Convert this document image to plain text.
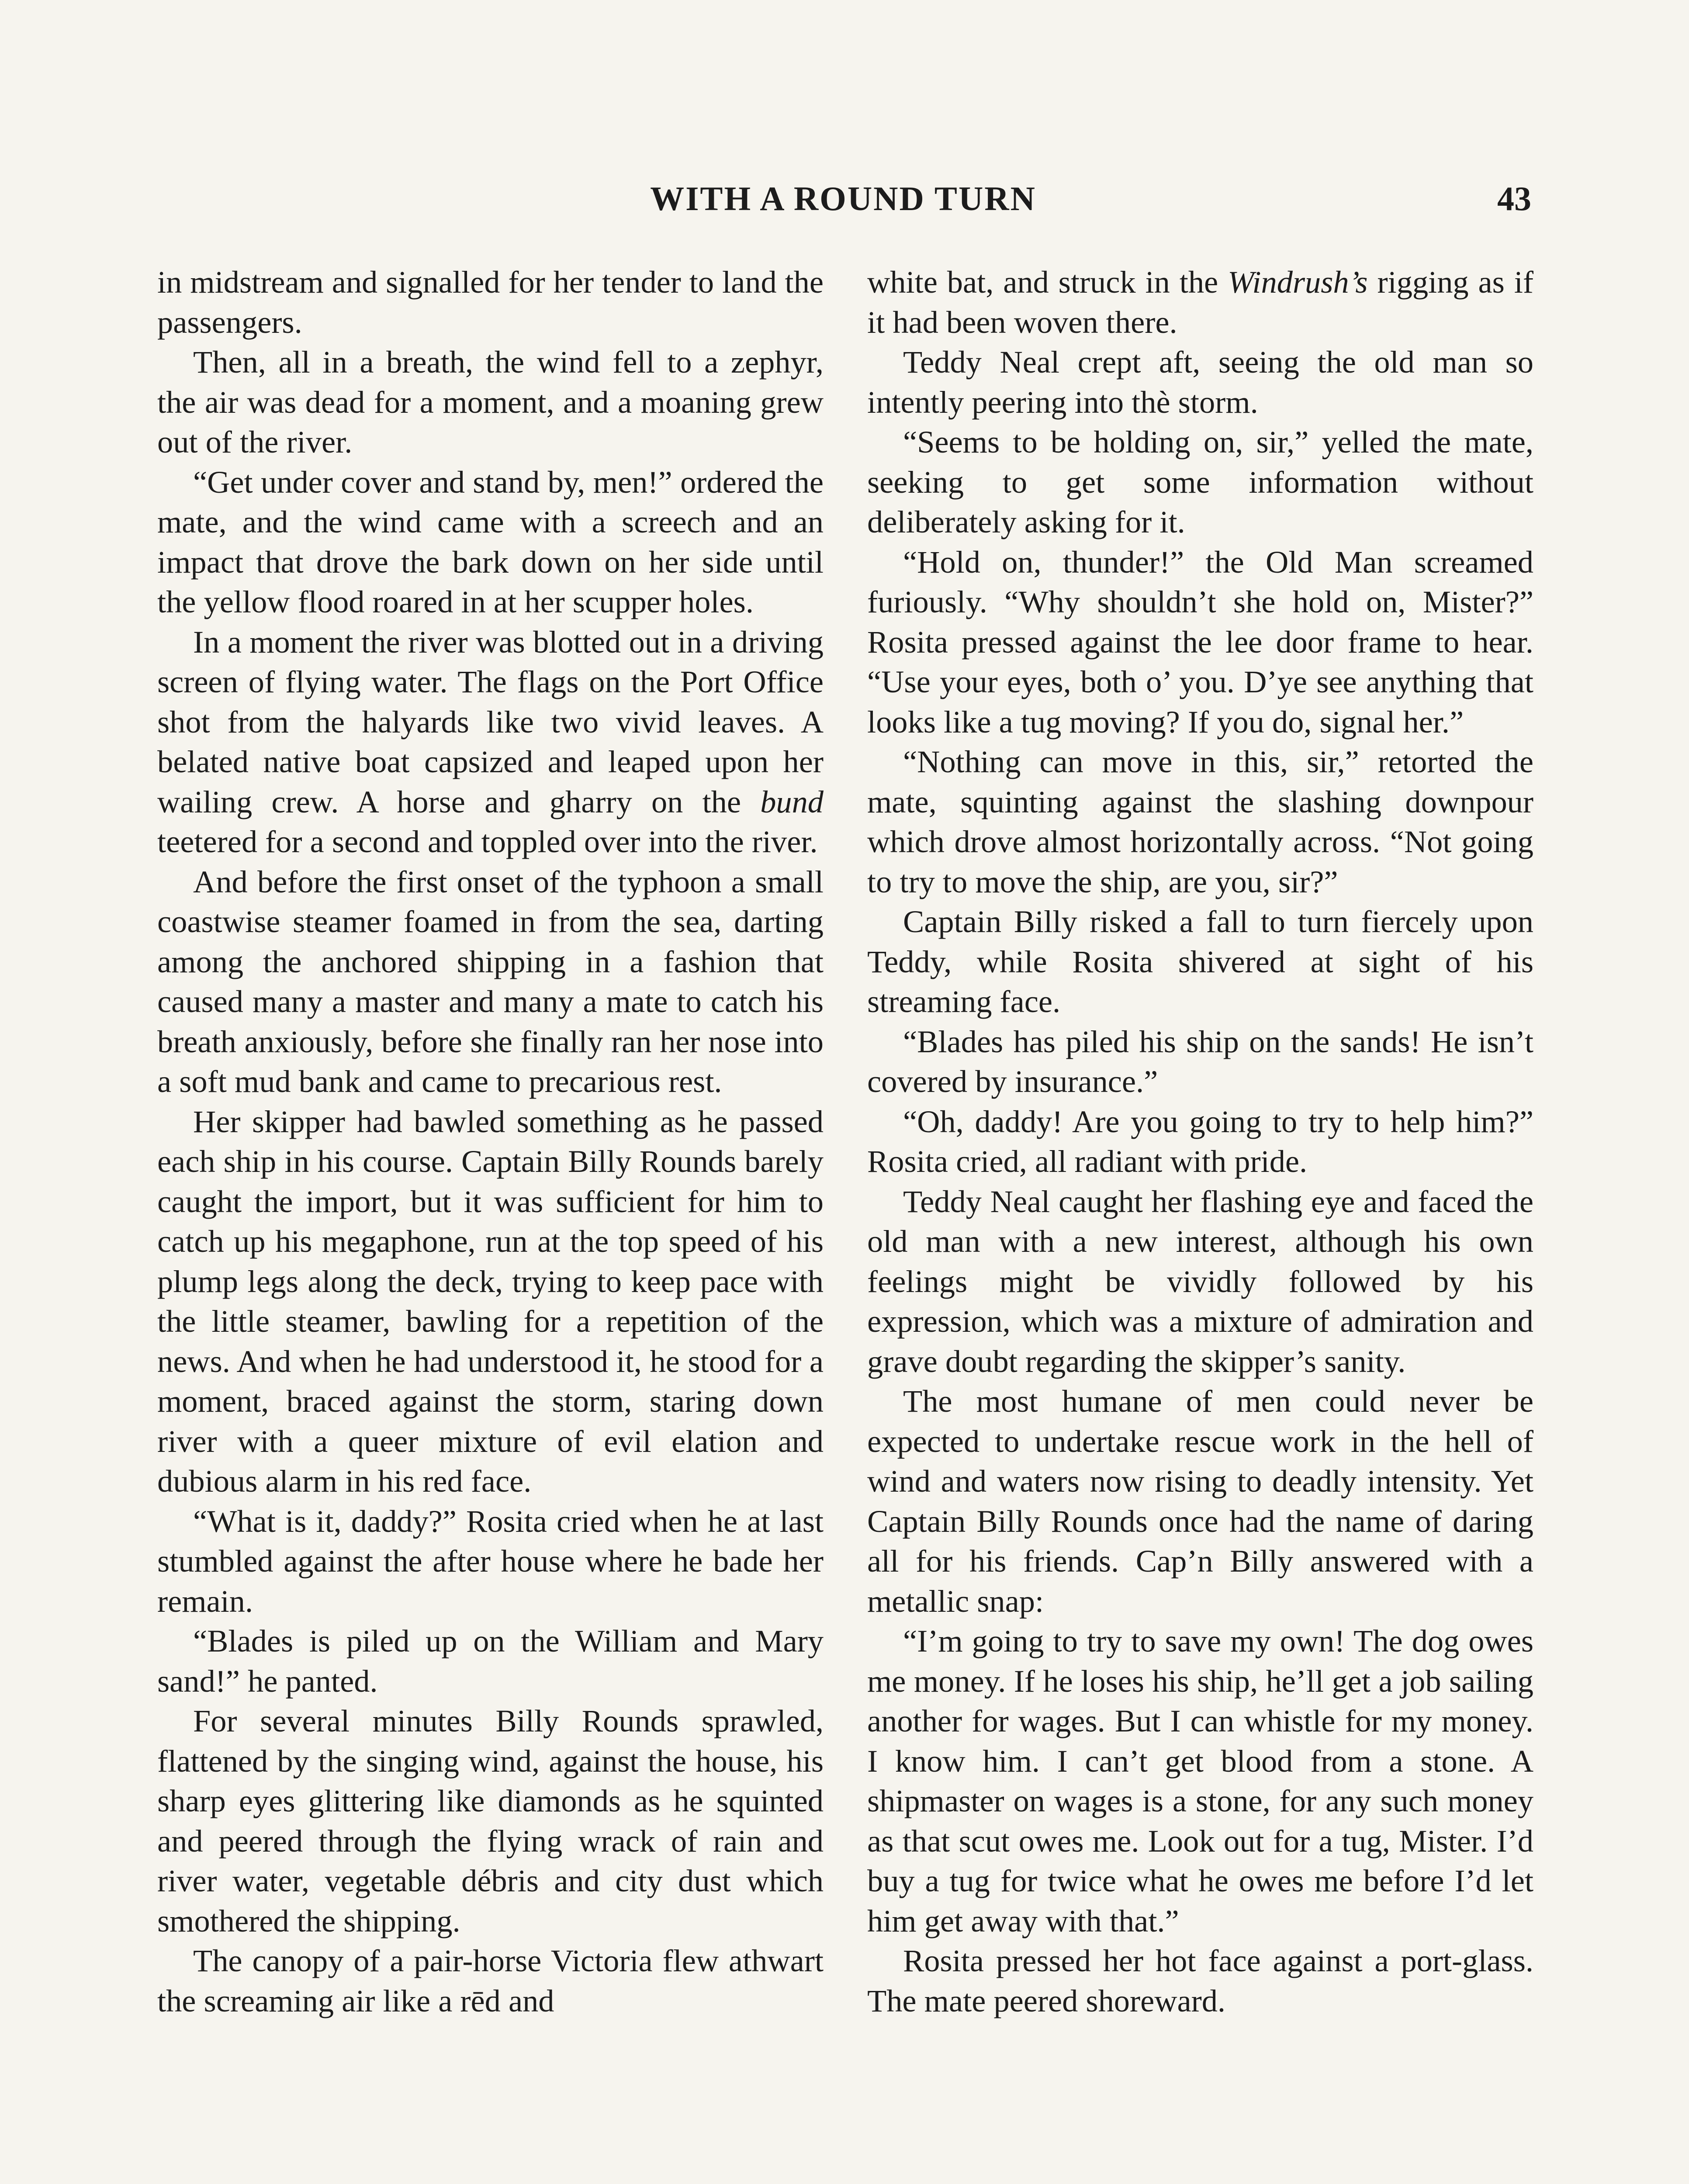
WITH A ROUND TURN	43

in midstream and signalled for her tender to land the passengers.

Then, all in a breath, the wind fell to a zephyr, the air was dead for a moment, and a moaning grew out of the river.

“Get under cover and stand by, men!” ordered the mate, and the wind came with a screech and an impact that drove the bark down on her side until the yellow flood roared in at her scupper holes.

In a moment the river was blotted out in a driving screen of flying water. The flags on the Port Office shot from the halyards like two vivid leaves. A belated native boat capsized and leaped upon her wailing crew. A horse and gharry on the bund teetered for a second and toppled over into the river.

And before the first onset of the typhoon a small coastwise steamer foamed in from the sea, darting among the anchored shipping in a fashion that caused many a master and many a mate to catch his breath anxiously, before she finally ran her nose into a soft mud bank and came to precarious rest.

Her skipper had bawled something as he passed each ship in his course. Captain Billy Rounds barely caught the import, but it was sufficient for him to catch up his megaphone, run at the top speed of his plump legs along the deck, trying to keep pace with the little steamer, bawling for a repetition of the news. And when he had understood it, he stood for a moment, braced against the storm, staring down river with a queer mixture of evil elation and dubious alarm in his red face.

“What is it, daddy?” Rosita cried when he at last stumbled against the after house where he bade her remain.

“Blades is piled up on the William and Mary sand!” he panted.

For several minutes Billy Rounds sprawled, flattened by the singing wind, against the house, his sharp eyes glittering like diamonds as he squinted and peered through the flying wrack of rain and river water, vegetable débris and city dust which smothered the shipping.

The canopy of a pair-horse Victoria flew athwart the screaming air like a rēd and

white bat, and struck in the Windrush’s rigging as if it had been woven there.

Teddy Neal crept aft, seeing the old man so intently peering into thè storm.

“Seems to be holding on, sir,” yelled the mate, seeking to get some information without deliberately asking for it.

“Hold on, thunder!” the Old Man screamed furiously. “Why shouldn’t she hold on, Mister?” Rosita pressed against the lee door frame to hear. “Use your eyes, both o’ you. D’ye see anything that looks like a tug moving? If you do, signal her.”

“Nothing can move in this, sir,” retorted the mate, squinting against the slashing downpour which drove almost horizontally across. “Not going to try to move the ship, are you, sir?”

Captain Billy risked a fall to turn fiercely upon Teddy, while Rosita shivered at sight of his streaming face.

“Blades has piled his ship on the sands! He isn’t covered by insurance.”

“Oh, daddy! Are you going to try to help him?” Rosita cried, all radiant with pride.

Teddy Neal caught her flashing eye and faced the old man with a new interest, although his own feelings might be vividly followed by his expression, which was a mixture of admiration and grave doubt regarding the skipper’s sanity.

The most humane of men could never be expected to undertake rescue work in the hell of wind and waters now rising to deadly intensity. Yet Captain Billy Rounds once had the name of daring all for his friends. Cap’n Billy answered with a metallic snap:

“I’m going to try to save my own! The dog owes me money. If he loses his ship, he’ll get a job sailing another for wages. But I can whistle for my money. I know him. I can’t get blood from a stone. A shipmaster on wages is a stone, for any such money as that scut owes me. Look out for a tug, Mister. I’d buy a tug for twice what he owes me before I’d let him get away with that.”

Rosita pressed her hot face against a port-glass. The mate peered shoreward.
